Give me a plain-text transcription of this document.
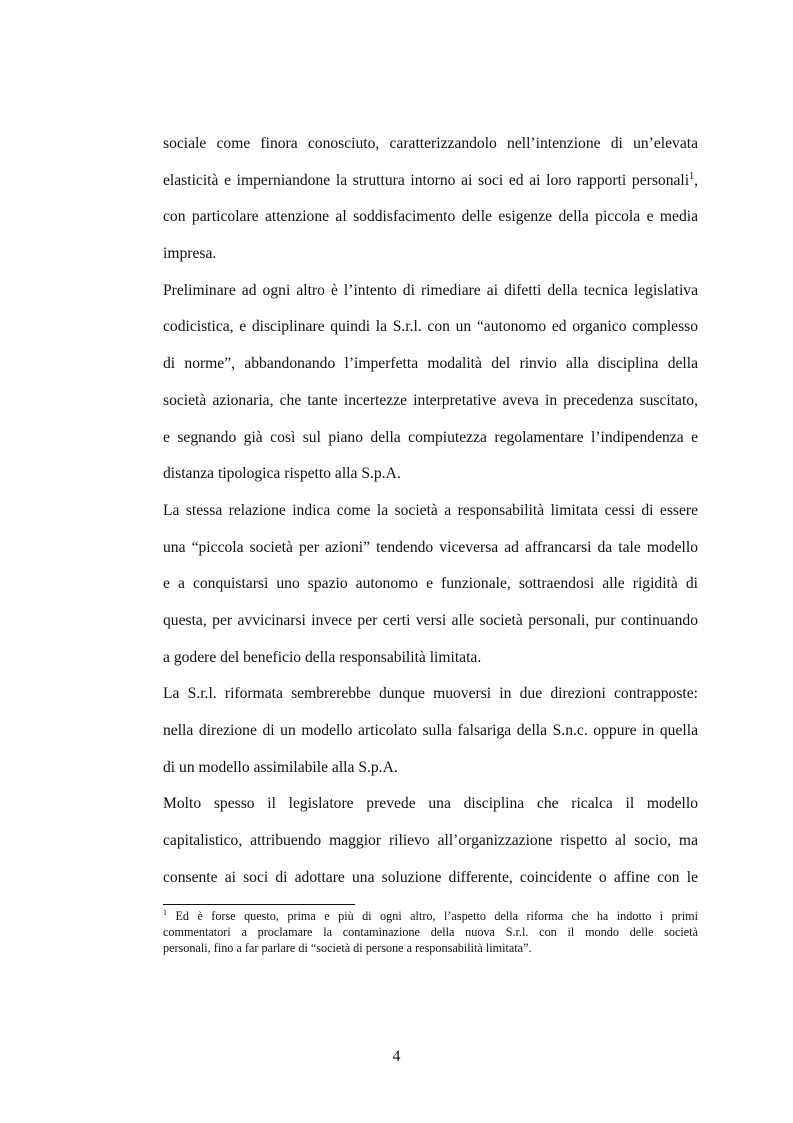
sociale come finora conosciuto, caratterizzandolo nell’intenzione di un’elevata
elasticità e imperniandone la struttura intorno ai soci ed ai loro rapporti personali$^1$,
con particolare attenzione al soddisfacimento delle esigenze della piccola e media
impresa.
Preliminare ad ogni altro è l’intento di rimediare ai difetti della tecnica legislativa
codicistica, e disciplinare quindi la S.r.l. con un “autonomo ed organico complesso
di norme”, abbandonando l’imperfetta modalità del rinvio alla disciplina della
società azionaria, che tante incertezze interpretative aveva in precedenza suscitato,
e segnando già così sul piano della compiutezza regolamentare l’indipendenza e
distanza tipologica rispetto alla S.p.A.
La stessa relazione indica come la società a responsabilità limitata cessi di essere
una “piccola società per azioni” tendendo viceversa ad affrancarsi da tale modello
e a conquistarsi uno spazio autonomo e funzionale, sottraendosi alle rigidità di
questa, per avvicinarsi invece per certi versi alle società personali, pur continuando
a godere del beneficio della responsabilità limitata.
La S.r.l. riformata sembrerebbe dunque muoversi in due direzioni contrapposte:
nella direzione di un modello articolato sulla falsariga della S.n.c. oppure in quella
di un modello assimilabile alla S.p.A.
Molto spesso il legislatore prevede una disciplina che ricalca il modello
capitalistico, attribuendo maggior rilievo all’organizzazione rispetto al socio, ma
consente ai soci di adottare una soluzione differente, coincidente o affine con le
$^1$ Ed è forse questo, prima e più di ogni altro, l’aspetto della riforma che ha indotto i primi
commentatori a proclamare la contaminazione della nuova S.r.l. con il mondo delle società
personali, fino a far parlare di “società di persone a responsabilità limitata”.
4
